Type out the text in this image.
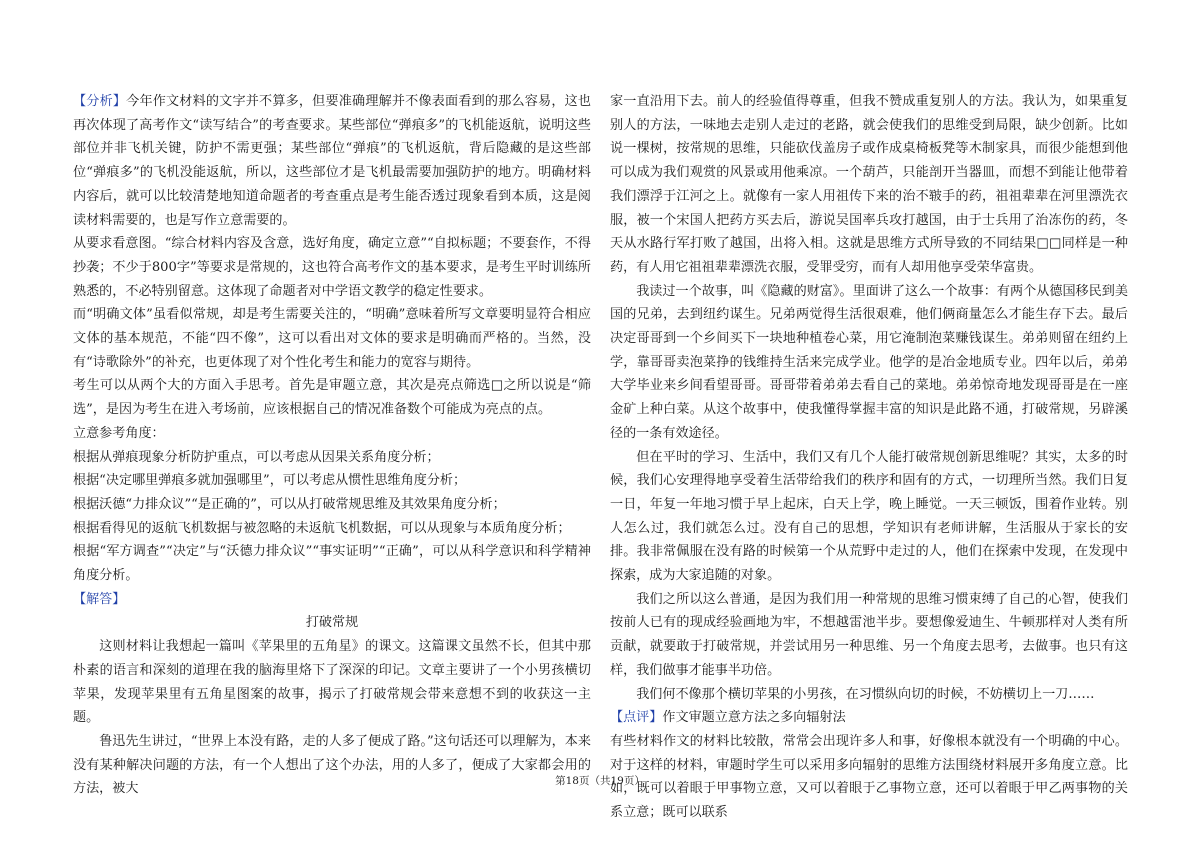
【分析】今年作文材料的文字并不算多，但要准确理解并不像表面看到的那么容易，这也再次体现了高考作文“读写结合”的考查要求。某些部位“弹痕多”的飞机能返航，说明这些部位并非飞机关键，防护不需更强；某些部位“弹痕”的飞机返航，背后隐藏的是这些部位“弹痕多”的飞机没能返航，所以，这些部位才是飞机最需要加强防护的地方。明确材料内容后，就可以比较清楚地知道命题者的考查重点是考生能否透过现象看到本质，这是阅读材料需要的，也是写作立意需要的。

从要求看意图。“综合材料内容及含意，选好角度，确定立意”“自拟标题；不要套作，不得抄袭；不少于800字”等要求是常规的，这也符合高考作文的基本要求，是考生平时训练所熟悉的，不必特别留意。这体现了命题者对中学语文教学的稳定性要求。

而“明确文体”虽看似常规，却是考生需要关注的，“明确”意味着所写文章要明显符合相应文体的基本规范，不能“四不像”，这可以看出对文体的要求是明确而严格的。当然，没有“诗歌除外”的补充，也更体现了对个性化考生和能力的宽容与期待。

考生可以从两个大的方面入手思考。首先是审题立意，其次是亮点筛选□之所以说是“筛选”，是因为考生在进入考场前，应该根据自己的情况准备数个可能成为亮点的点。

立意参考角度：

根据从弹痕现象分析防护重点，可以考虑从因果关系角度分析；

根据“决定哪里弹痕多就加强哪里”，可以考虑从惯性思维角度分析；

根据沃德“力排众议”“是正确的”，可以从打破常规思维及其效果角度分析；

根据看得见的返航飞机数据与被忽略的未返航飞机数据，可以从现象与本质角度分析；

根据“军方调查”“决定”与“沃德力排众议”“事实证明”“正确”，可以从科学意识和科学精神角度分析。

【解答】

打破常规

这则材料让我想起一篇叫《苹果里的五角星》的课文。这篇课文虽然不长，但其中那朴素的语言和深刻的道理在我的脑海里烙下了深深的印记。文章主要讲了一个小男孩横切苹果，发现苹果里有五角星图案的故事，揭示了打破常规会带来意想不到的收获这一主题。

鲁迅先生讲过，“世界上本没有路，走的人多了便成了路。”这句话还可以理解为，本来没有某种解决问题的方法，有一个人想出了这个办法，用的人多了，便成了大家都会用的方法，被大

家一直沿用下去。前人的经验值得尊重，但我不赞成重复别人的方法。我认为，如果重复别人的方法，一味地去走别人走过的老路，就会使我们的思维受到局限，缺少创新。比如说一棵树，按常规的思维，只能砍伐盖房子或作成桌椅板凳等木制家具，而很少能想到他可以成为我们观赏的风景或用他乘凉。一个葫芦，只能剖开当器皿，而想不到能让他带着我们漂浮于江河之上。就像有一家人用祖传下来的治不皲手的药，祖祖辈辈在河里漂洗衣服，被一个宋国人把药方买去后，游说吴国率兵攻打越国，由于士兵用了治冻伤的药，冬天从水路行军打败了越国，出将入相。这就是思维方式所导致的不同结果□□同样是一种药，有人用它祖祖辈辈漂洗衣服，受罪受穷，而有人却用他享受荣华富贵。

我读过一个故事，叫《隐藏的财富》。里面讲了这么一个故事：有两个从德国移民到美国的兄弟，去到纽约谋生。兄弟两觉得生活很艰难，他们俩商量怎么才能生存下去。最后决定哥哥到一个乡间买下一块地种植卷心菜，用它淹制泡菜赚钱谋生。弟弟则留在纽约上学，靠哥哥卖泡菜挣的钱维持生活来完成学业。他学的是冶金地质专业。四年以后，弟弟大学毕业来乡间看望哥哥。哥哥带着弟弟去看自己的菜地。弟弟惊奇地发现哥哥是在一座金矿上种白菜。从这个故事中，使我懂得掌握丰富的知识是此路不通，打破常规，另辟溪径的一条有效途径。

但在平时的学习、生活中，我们又有几个人能打破常规创新思维呢？其实，太多的时候，我们心安理得地享受着生活带给我们的秩序和固有的方式，一切理所当然。我们日复一日，年复一年地习惯于早上起床，白天上学，晚上睡觉。一天三顿饭，围着作业转。别人怎么过，我们就怎么过。没有自己的思想，学知识有老师讲解，生活服从于家长的安排。我非常佩服在没有路的时候第一个从荒野中走过的人，他们在探索中发现，在发现中探索，成为大家追随的对象。

我们之所以这么普通，是因为我们用一种常规的思维习惯束缚了自己的心智，使我们按前人已有的现成经验画地为牢，不想越雷池半步。要想像爱迪生、牛顿那样对人类有所贡献，就要敢于打破常规，并尝试用另一种思维、另一个角度去思考，去做事。也只有这样，我们做事才能事半功倍。

我们何不像那个横切苹果的小男孩，在习惯纵向切的时候，不妨横切上一刀……

【点评】作文审题立意方法之多向辐射法

有些材料作文的材料比较散，常常会出现许多人和事，好像根本就没有一个明确的中心。对于这样的材料，审题时学生可以采用多向辐射的思维方法围绕材料展开多角度立意。比如，既可以着眼于甲事物立意，又可以着眼于乙事物立意，还可以着眼于甲乙两事物的关系立意；既可以联系

第18页（共19页）
